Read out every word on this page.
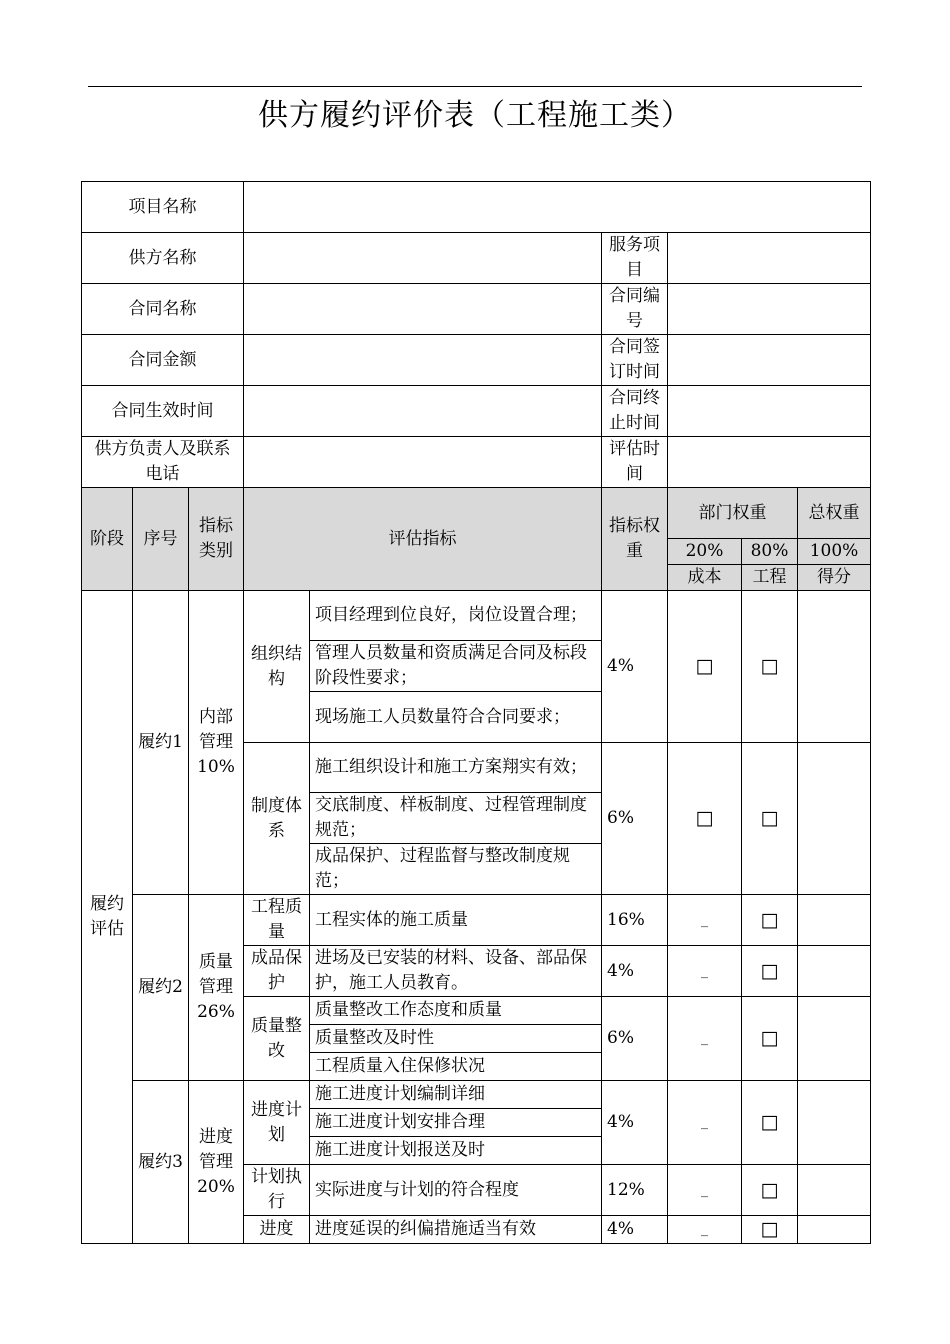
供方履约评价表（工程施工类）
项目名称								
供方名称					服务项目			
合同名称					合同编号			
合同金额					合同签订时间			
合同生效时间					合同终止时间			
供方负责人及联系电话					评估时间			
阶段	序号	指标类别	评估指标		指标权重	部门权重		总权重
						20%	80%	100%
						成本	工程	得分
履约评估	履约1	内部管理10%	组织结构	项目经理到位良好，岗位设置合理；	4%	□	□	
				管理人员数量和资质满足合同及标段阶段性要求；				
				现场施工人员数量符合合同要求；				
			制度体系	施工组织设计和施工方案翔实有效；	6%	□	□	
				交底制度、样板制度、过程管理制度规范；				
				成品保护、过程监督与整改制度规范；				
	履约2	质量管理26%	工程质量	工程实体的施工质量	16%	_	□	
			成品保护	进场及已安装的材料、设备、部品保护，施工人员教育。	4%	_	□	
			质量整改	质量整改工作态度和质量	6%	_	□	
				质量整改及时性				
				工程质量入住保修状况				
	履约3	进度管理20%	进度计划	施工进度计划编制详细	4%	_	□	
				施工进度计划安排合理				
				施工进度计划报送及时				
			计划执行	实际进度与计划的符合程度	12%	_	□	
			进度	进度延误的纠偏措施适当有效	4%	_	□	
